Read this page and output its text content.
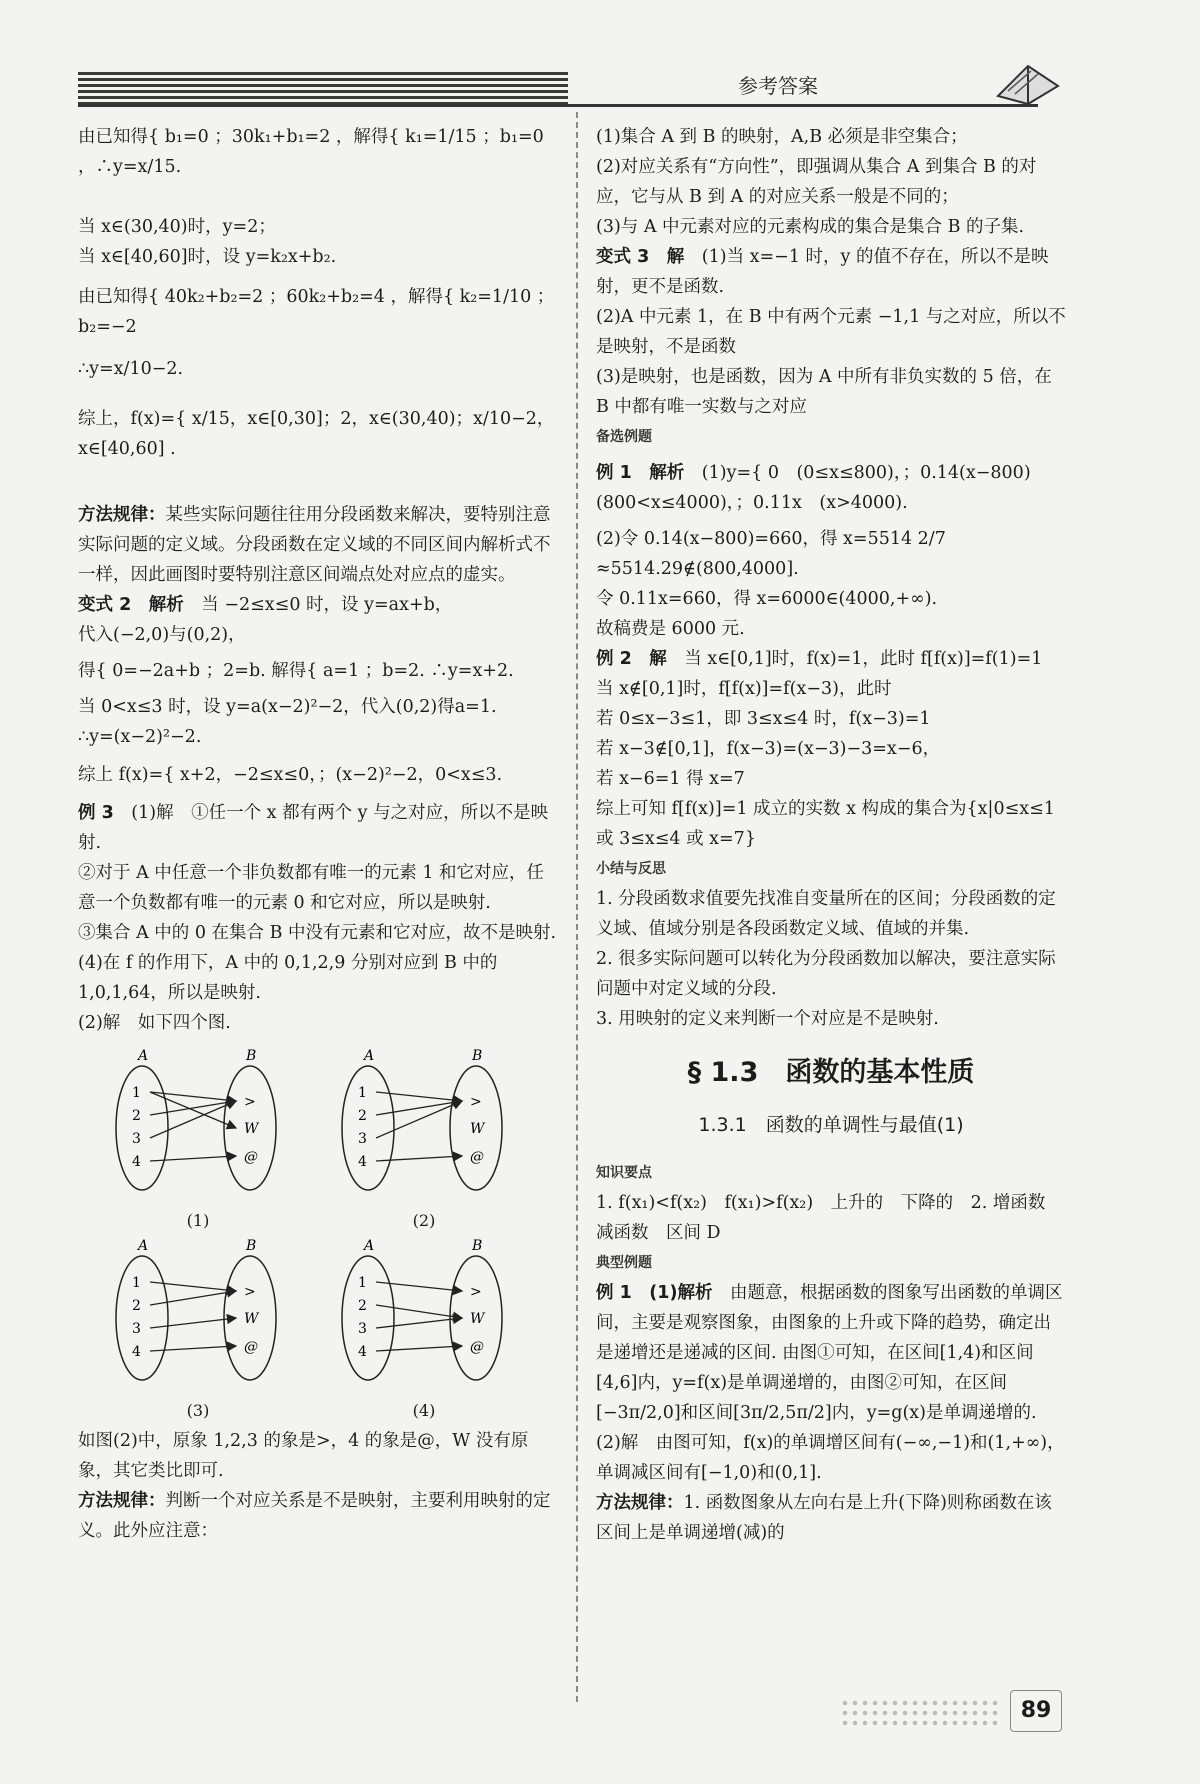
参考答案

由已知得{ b₁=0 ；30k₁+b₁=2 ，解得{ k₁=1/15 ；b₁=0 ，∴y=x/15.

当 x∈(30,40)时，y=2；

当 x∈[40,60]时，设 y=k₂x+b₂.

由已知得{ 40k₂+b₂=2 ；60k₂+b₂=4 ，解得{ k₂=1/10 ；b₂=−2

∴y=x/10−2.

综上，f(x)={ x/15，x∈[0,30]；2，x∈(30,40)；x/10−2，x∈[40,60] .

方法规律：某些实际问题往往用分段函数来解决，要特别注意实际问题的定义域。分段函数在定义域的不同区间内解析式不一样，因此画图时要特别注意区间端点处对应点的虚实。

变式 2　解析　 当 −2≤x≤0 时，设 y=ax+b，

代入(−2,0)与(0,2)，

得{ 0=−2a+b ；2=b. 解得{ a=1 ；b=2. ∴y=x+2.

当 0<x≤3 时，设 y=a(x−2)²−2，代入(0,2)得a=1.

∴y=(x−2)²−2.

综上 f(x)={ x+2，−2≤x≤0，；(x−2)²−2，0<x≤3.

例 3　 (1)解　①任一个 x 都有两个 y 与之对应，所以不是映射.

②对于 A 中任意一个非负数都有唯一的元素 1 和它对应，任意一个负数都有唯一的元素 0 和它对应，所以是映射.

③集合 A 中的 0 在集合 B 中没有元素和它对应，故不是映射.

(4)在 f 的作用下，A 中的 0,1,2,9 分别对应到 B 中的 1,0,1,64，所以是映射.

(2)解　如下四个图.

A	B
1
2
3
4
>
W
@
(1)
A	B
1
2
3
4
>
W
@
(2)

A	B
1
2
3
4
>
W
@
(3)
A	B
1
2
3
4
>
W
@
(4)

如图(2)中，原象 1,2,3 的象是>，4 的象是@，W 没有原象，其它类比即可.

方法规律：判断一个对应关系是不是映射，主要利用映射的定义。此外应注意：

(1)集合 A 到 B 的映射，A,B 必须是非空集合；

(2)对应关系有“方向性”，即强调从集合 A 到集合 B 的对应，它与从 B 到 A 的对应关系一般是不同的；

(3)与 A 中元素对应的元素构成的集合是集合 B 的子集.

变式 3　解　 (1)当 x=−1 时，y 的值不存在，所以不是映射，更不是函数.

(2)A 中元素 1，在 B 中有两个元素 −1,1 与之对应，所以不是映射，不是函数

(3)是映射，也是函数，因为 A 中所有非负实数的 5 倍，在 B 中都有唯一实数与之对应

备选例题

例 1　解析　 (1)y={ 0　(0≤x≤800)，；0.14(x−800)　(800<x≤4000)，；0.11x　(x>4000).

(2)令 0.14(x−800)=660，得 x=5514 2/7 ≈5514.29∉(800,4000].

令 0.11x=660，得 x=6000∈(4000,+∞).

故稿费是 6000 元.

例 2　解　 当 x∈[0,1]时，f(x)=1，此时 f[f(x)]=f(1)=1

当 x∉[0,1]时，f[f(x)]=f(x−3)，此时

若 0≤x−3≤1，即 3≤x≤4 时，f(x−3)=1

若 x−3∉[0,1]，f(x−3)=(x−3)−3=x−6，

若 x−6=1 得 x=7

综上可知 f[f(x)]=1 成立的实数 x 构成的集合为{x|0≤x≤1 或 3≤x≤4 或 x=7}

小结与反思

1. 分段函数求值要先找准自变量所在的区间；分段函数的定义域、值域分别是各段函数定义域、值域的并集.

2. 很多实际问题可以转化为分段函数加以解决，要注意实际问题中对定义域的分段.

3. 用映射的定义来判断一个对应是不是映射.

§ 1.3　函数的基本性质
1.3.1　函数的单调性与最值(1)

知识要点

1. f(x₁)<f(x₂)　f(x₁)>f(x₂)　上升的　下降的　2. 增函数　减函数　区间 D

典型例题

例 1　(1)解析　 由题意，根据函数的图象写出函数的单调区间，主要是观察图象，由图象的上升或下降的趋势，确定出是递增还是递减的区间. 由图①可知，在区间[1,4)和区间[4,6]内，y=f(x)是单调递增的，由图②可知，在区间[−3π/2,0]和区间[3π/2,5π/2]内，y=g(x)是单调递增的.

(2)解　由图可知，f(x)的单调增区间有(−∞,−1)和(1,+∞)，单调减区间有[−1,0)和(0,1].

方法规律：1. 函数图象从左向右是上升(下降)则称函数在该区间上是单调递增(减)的

89
